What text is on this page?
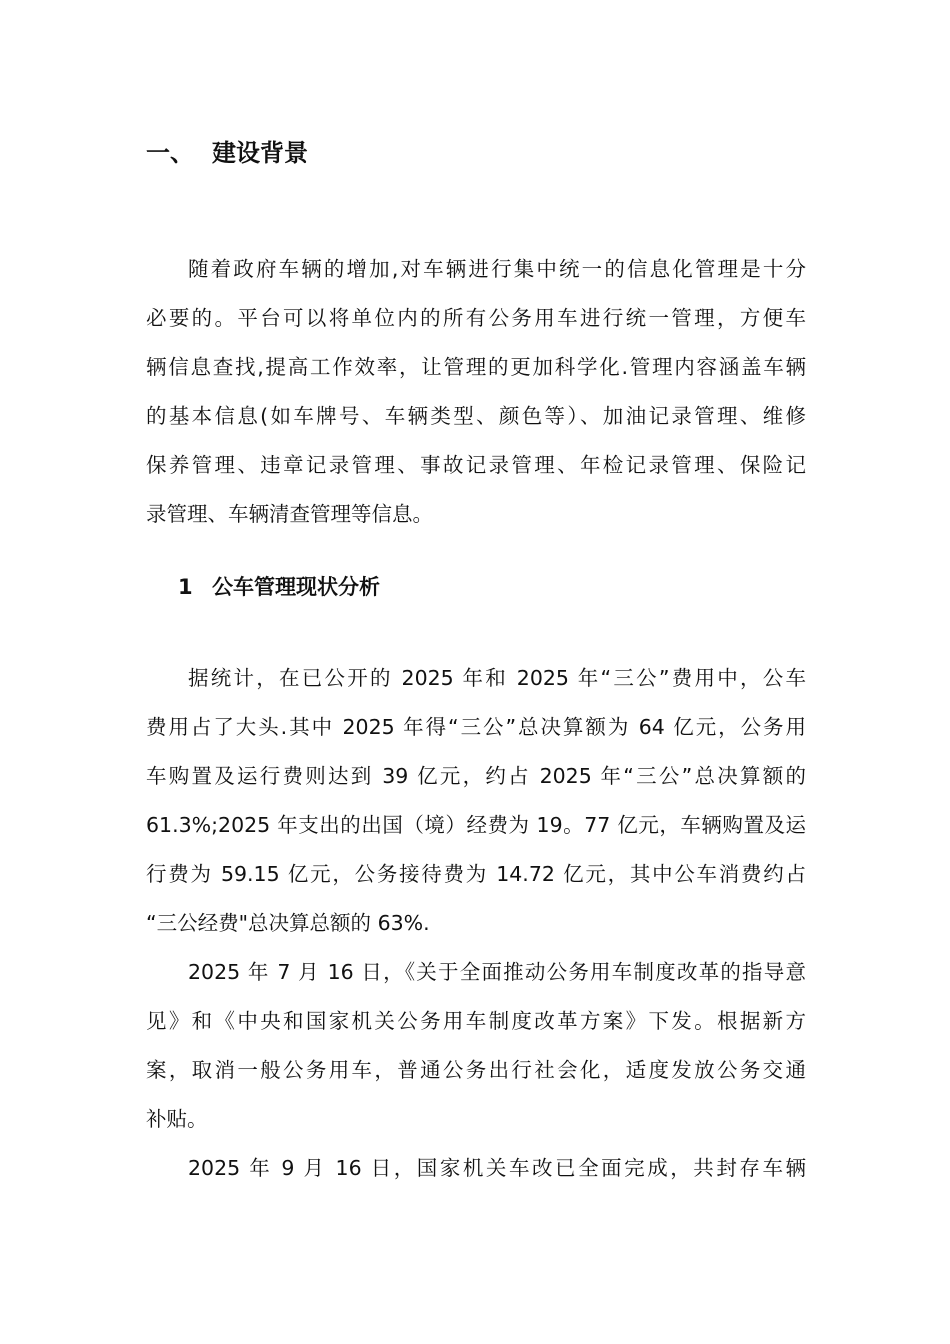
一、 建设背景
随着政府车辆的增加,对车辆进行集中统一的信息化管理是十分
必要的。平台可以将单位内的所有公务用车进行统一管理，方便车
辆信息查找,提高工作效率，让管理的更加科学化.管理内容涵盖车辆
的基本信息(如车牌号、车辆类型、颜色等）、加油记录管理、维修
保养管理、违章记录管理、事故记录管理、年检记录管理、保险记
录管理、车辆清查管理等信息。
1 公车管理现状分析
据统计，在已公开的 2025 年和 2025 年“三公”费用中，公车
费用占了大头.其中 2025 年得“三公”总决算额为 64 亿元，公务用
车购置及运行费则达到 39 亿元，约占 2025 年“三公”总决算额的
61.3%;2025 年支出的出国（境）经费为 19。77 亿元，车辆购置及运
行费为 59.15 亿元，公务接待费为 14.72 亿元，其中公车消费约占
“三公经费"总决算总额的 63%.
2025 年 7 月 16 日，《关于全面推动公务用车制度改革的指导意
见》和《中央和国家机关公务用车制度改革方案》下发。根据新方
案，取消一般公务用车，普通公务出行社会化，适度发放公务交通
补贴。
2025 年 9 月 16 日，国家机关车改已全面完成，共封存车辆
